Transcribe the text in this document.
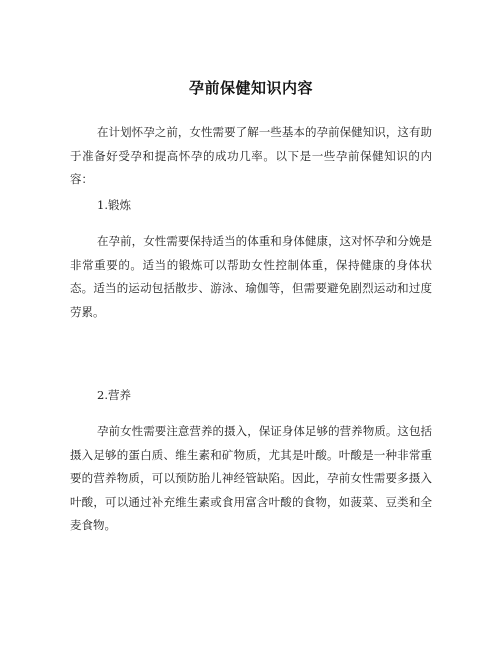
孕前保健知识内容
在计划怀孕之前，女性需要了解一些基本的孕前保健知识，这有助于准备好受孕和提高怀孕的成功几率。以下是一些孕前保健知识的内容：
1.锻炼
在孕前，女性需要保持适当的体重和身体健康，这对怀孕和分娩是非常重要的。适当的锻炼可以帮助女性控制体重，保持健康的身体状态。适当的运动包括散步、游泳、瑜伽等，但需要避免剧烈运动和过度劳累。
2.营养
孕前女性需要注意营养的摄入，保证身体足够的营养物质。这包括摄入足够的蛋白质、维生素和矿物质，尤其是叶酸。叶酸是一种非常重要的营养物质，可以预防胎儿神经管缺陷。因此，孕前女性需要多摄入叶酸，可以通过补充维生素或食用富含叶酸的食物，如菠菜、豆类和全麦食物。
